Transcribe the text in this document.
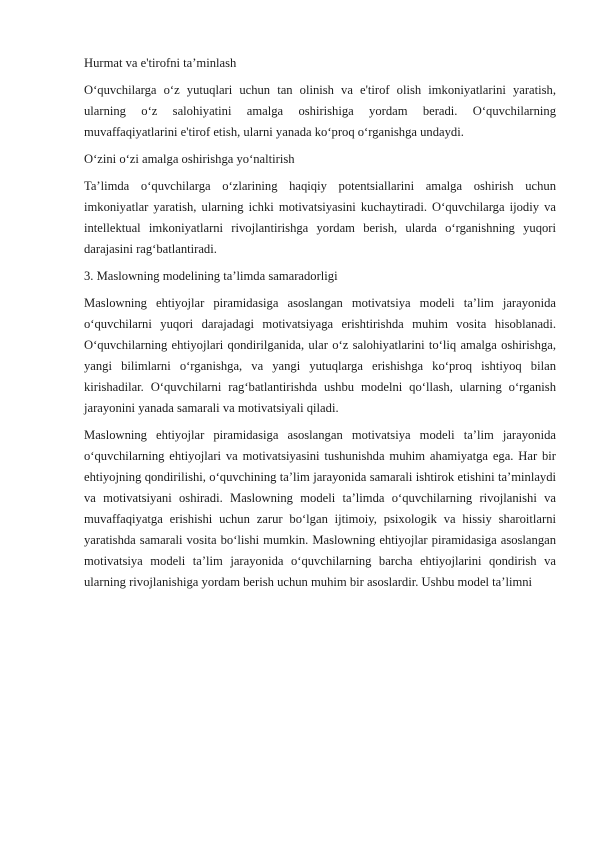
Hurmat va e'tirofni ta’minlash

O‘quvchilarga o‘z yutuqlari uchun tan olinish va e'tirof olish imkoniyatlarini yaratish, ularning o‘z salohiyatini amalga oshirishiga yordam beradi. O‘quvchilarning muvaffaqiyatlarini e'tirof etish, ularni yanada ko‘proq o‘rganishga undaydi.

O‘zini o‘zi amalga oshirishga yo‘naltirish

Ta’limda o‘quvchilarga o‘zlarining haqiqiy potentsiallarini amalga oshirish uchun imkoniyatlar yaratish, ularning ichki motivatsiyasini kuchaytiradi. O‘quvchilarga ijodiy va intellektual imkoniyatlarni rivojlantirishga yordam berish, ularda o‘rganishning yuqori darajasini rag‘batlantiradi.

3. Maslowning modelining ta’limda samaradorligi

Maslowning ehtiyojlar piramidasiga asoslangan motivatsiya modeli ta’lim jarayonida o‘quvchilarni yuqori darajadagi motivatsiyaga erishtirishda muhim vosita hisoblanadi. O‘quvchilarning ehtiyojlari qondirilganida, ular o‘z salohiyatlarini to‘liq amalga oshirishga, yangi bilimlarni o‘rganishga, va yangi yutuqlarga erishishga ko‘proq ishtiyoq bilan kirishadilar. O‘quvchilarni rag‘batlantirishda ushbu modelni qo‘llash, ularning o‘rganish jarayonini yanada samarali va motivatsiyali qiladi.

Maslowning ehtiyojlar piramidasiga asoslangan motivatsiya modeli ta’lim jarayonida o‘quvchilarning ehtiyojlari va motivatsiyasini tushunishda muhim ahamiyatga ega. Har bir ehtiyojning qondirilishi, o‘quvchining ta’lim jarayonida samarali ishtirok etishini ta’minlaydi va motivatsiyani oshiradi. Maslowning modeli ta’limda o‘quvchilarning rivojlanishi va muvaffaqiyatga erishishi uchun zarur bo‘lgan ijtimoiy, psixologik va hissiy sharoitlarni yaratishda samarali vosita bo‘lishi mumkin. Maslowning ehtiyojlar piramidasiga asoslangan motivatsiya modeli ta’lim jarayonida o‘quvchilarning barcha ehtiyojlarini qondirish va ularning rivojlanishiga yordam berish uchun muhim bir asoslardir. Ushbu model ta’limni
